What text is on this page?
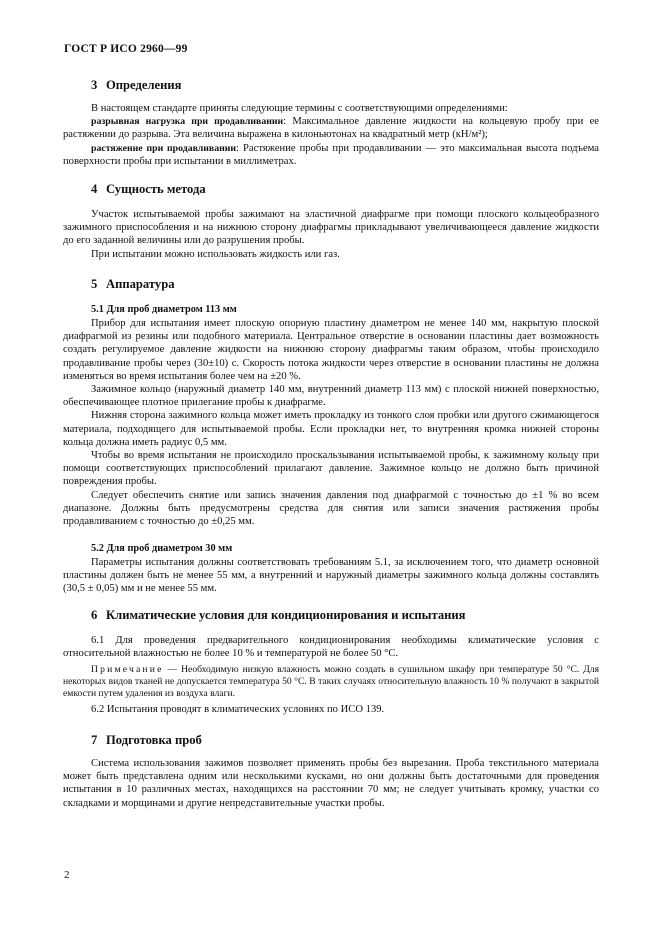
ГОСТ Р ИСО 2960—99
3 Определения

В настоящем стандарте приняты следующие термины с соответствующими определениями:

разрывная нагрузка при продавливании: Максимальное давление жидкости на кольцевую пробу при ее растяжении до разрыва. Эта величина выражена в килоньютонах на квадратный метр (кН/м²);

растяжение при продавливании: Растяжение пробы при продавливании — это максимальная высота подъема поверхности пробы при испытании в миллиметрах.

4 Сущность метода

Участок испытываемой пробы зажимают на эластичной диафрагме при помощи плоского кольцеобразного зажимного приспособления и на нижнюю сторону диафрагмы прикладывают увеличивающееся давление жидкости до его заданной величины или до разрушения пробы.

При испытании можно использовать жидкость или газ.

5 Аппаратура
5.1 Для проб диаметром 113 мм

Прибор для испытания имеет плоскую опорную пластину диаметром не менее 140 мм, накрытую плоской диафрагмой из резины или подобного материала. Центральное отверстие в основании пластины дает возможность создать регулируемое давление жидкости на нижнюю сторону диафрагмы таким образом, чтобы происходило продавливание пробы через (30±10) с. Скорость потока жидкости через отверстие в основании пластины не должна изменяться во время испытания более чем на ±20 %.

Зажимное кольцо (наружный диаметр 140 мм, внутренний диаметр 113 мм) с плоской нижней поверхностью, обеспечивающее плотное прилегание пробы к диафрагме.

Нижняя сторона зажимного кольца может иметь прокладку из тонкого слоя пробки или другого сжимающегося материала, подходящего для испытываемой пробы. Если прокладки нет, то внутренняя кромка нижней стороны кольца должна иметь радиус 0,5 мм.

Чтобы во время испытания не происходило проскальзывания испытываемой пробы, к зажимному кольцу при помощи соответствующих приспособлений прилагают давление. Зажимное кольцо не должно быть причиной повреждения пробы.

Следует обеспечить снятие или запись значения давления под диафрагмой с точностью до ±1 % во всем диапазоне. Должны быть предусмотрены средства для снятия или записи значения растяжения пробы продавливанием с точностью до ±0,25 мм.

5.2 Для проб диаметром 30 мм

Параметры испытания должны соответствовать требованиям 5.1, за исключением того, что диаметр основной пластины должен быть не менее 55 мм, а внутренний и наружный диаметры зажимного кольца должны составлять (30,5 ± 0,05) мм и не менее 55 мм.

6 Климатические условия для кондиционирования и испытания

6.1 Для проведения предварительного кондиционирования необходимы климатические условия с относительной влажностью не более 10 % и температурой не более 50 °С.

Примечание — Необходимую низкую влажность можно создать в сушильном шкафу при температуре 50 °С. Для некоторых видов тканей не допускается температура 50 °С. В таких случаях относительную влажность 10 % получают в закрытой емкости путем удаления из воздуха влаги.

6.2 Испытания проводят в климатических условиях по ИСО 139.

7 Подготовка проб

Система использования зажимов позволяет применять пробы без вырезания. Проба текстильного материала может быть представлена одним или несколькими кусками, но они должны быть достаточными для проведения испытания в 10 различных местах, находящихся на расстоянии 70 мм; не следует учитывать кромку, участки со складками и морщинами и другие непредставительные участки пробы.

2
